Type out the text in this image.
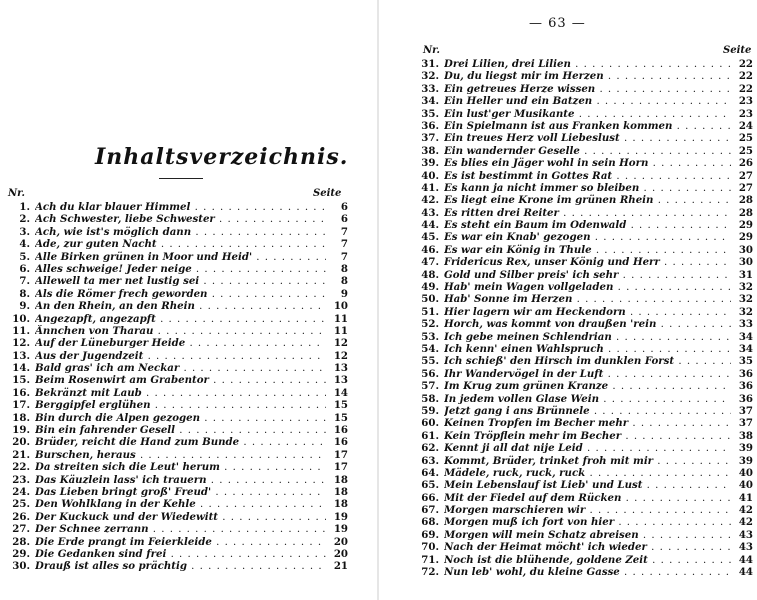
Inhaltsverzeichnis.
Nr.	Seite
1. Ach du klar blauer Himmel . . .	6
2. Ach Schwester, liebe Schwester . . .	6
3. Ach, wie ist's möglich dann . . .	7
4. Ade, zur guten Nacht . . .	7
5. Alle Birken grünen in Moor und Heid' . . .	7
6. Alles schweige! Jeder neige . . .	8
7. Allewell ta mer net lustig sei . . .	8
8. Als die Römer frech geworden . . .	9
9. An den Rhein, an den Rhein . . .	10
10. Angezapft, angezapft . . .	11
11. Ännchen von Tharau . . .	11
12. Auf der Lüneburger Heide . . .	12
13. Aus der Jugendzeit . . .	12
14. Bald gras' ich am Neckar . . .	13
15. Beim Rosenwirt am Grabentor . . .	13
16. Bekränzt mit Laub . . .	14
17. Berggipfel erglühen . . .	15
18. Bin durch die Alpen gezogen . . .	15
19. Bin ein fahrender Gesell . . .	16
20. Brüder, reicht die Hand zum Bunde . . .	16
21. Burschen, heraus . . .	17
22. Da streiten sich die Leut' herum . . .	17
23. Das Käuzlein lass' ich trauern . . .	18
24. Das Lieben bringt groß' Freud' . . .	18
25. Den Wohlklang in der Kehle . . .	18
26. Der Kuckuck und der Wiedewitt . . .	19
27. Der Schnee zerrann . . .	19
28. Die Erde prangt im Feierkleide . . .	20
29. Die Gedanken sind frei . . .	20
30. Drauß ist alles so prächtig . . .	21
— 63 —
Nr.	Seite
31. Drei Lilien, drei Lilien . . .	22
32. Du, du liegst mir im Herzen . . .	22
33. Ein getreues Herze wissen . . .	22
34. Ein Heller und ein Batzen . . .	23
35. Ein lust'ger Musikante . . .	23
36. Ein Spielmann ist aus Franken kommen . . .	24
37. Ein treues Herz voll Liebeslust . . .	25
38. Ein wandernder Geselle . . .	25
39. Es blies ein Jäger wohl in sein Horn . . .	26
40. Es ist bestimmt in Gottes Rat . . .	27
41. Es kann ja nicht immer so bleiben . . .	27
42. Es liegt eine Krone im grünen Rhein . . .	28
43. Es ritten drei Reiter . . .	28
44. Es steht ein Baum im Odenwald . . .	29
45. Es war ein Knab' gezogen . . .	29
46. Es war ein König in Thule . . .	30
47. Fridericus Rex, unser König und Herr . . .	30
48. Gold und Silber preis' ich sehr . . .	31
49. Hab' mein Wagen vollgeladen . . .	32
50. Hab' Sonne im Herzen . . .	32
51. Hier lagern wir am Heckendorn . . .	32
52. Horch, was kommt von draußen 'rein . . .	33
53. Ich gebe meinen Schlendrian . . .	34
54. Ich kenn' einen Wahlspruch . . .	34
55. Ich schieß' den Hirsch im dunklen Forst . . .	35
56. Ihr Wandervögel in der Luft . . .	36
57. Im Krug zum grünen Kranze . . .	36
58. In jedem vollen Glase Wein . . .	36
59. Jetzt gang i ans Brünnele . . .	37
60. Keinen Tropfen im Becher mehr . . .	37
61. Kein Tröpflein mehr im Becher . . .	38
62. Kennt ji all dat nije Leid . . .	39
63. Kommt, Brüder, trinket froh mit mir . . .	39
64. Mädele, ruck, ruck, ruck . . .	40
65. Mein Lebenslauf ist Lieb' und Lust . . .	40
66. Mit der Fiedel auf dem Rücken . . .	41
67. Morgen marschieren wir . . .	42
68. Morgen muß ich fort von hier . . .	42
69. Morgen will mein Schatz abreisen . . .	43
70. Nach der Heimat möcht' ich wieder . . .	43
71. Noch ist die blühende, goldene Zeit . . .	44
72. Nun leb' wohl, du kleine Gasse . . .	44
